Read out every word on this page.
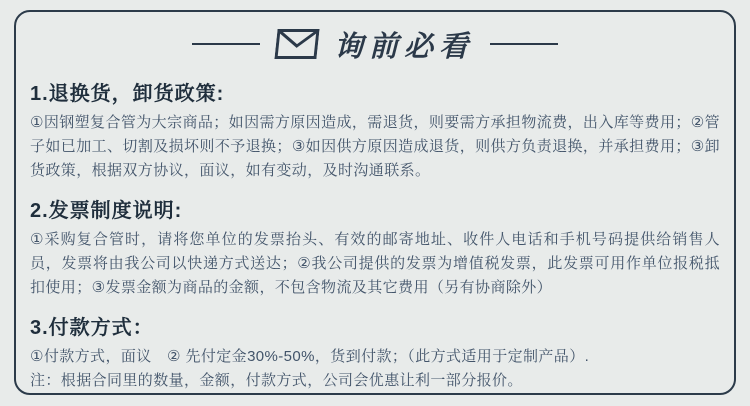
询前必看
1.退换货，卸货政策:

①因钢塑复合管为大宗商品；如因需方原因造成，需退货，则要需方承担物流费，出入库等费用；②管子如已加工、切割及损坏则不予退换；③如因供方原因造成退货，则供方负责退换，并承担费用；③卸货政策，根据双方协议，面议，如有变动，及时沟通联系。

2.发票制度说明:

①采购复合管时，请将您单位的发票抬头、有效的邮寄地址、收件人电话和手机号码提供给销售人员，发票将由我公司以快递方式送达；②我公司提供的发票为增值税发票，此发票可用作单位报税抵扣使用；③发票金额为商品的金额，不包含物流及其它费用（另有协商除外）

3.付款方式：

①付款方式，面议　② 先付定金30%-50%，货到付款；（此方式适用于定制产品）.

注：根据合同里的数量，金额，付款方式，公司会优惠让利一部分报价。
